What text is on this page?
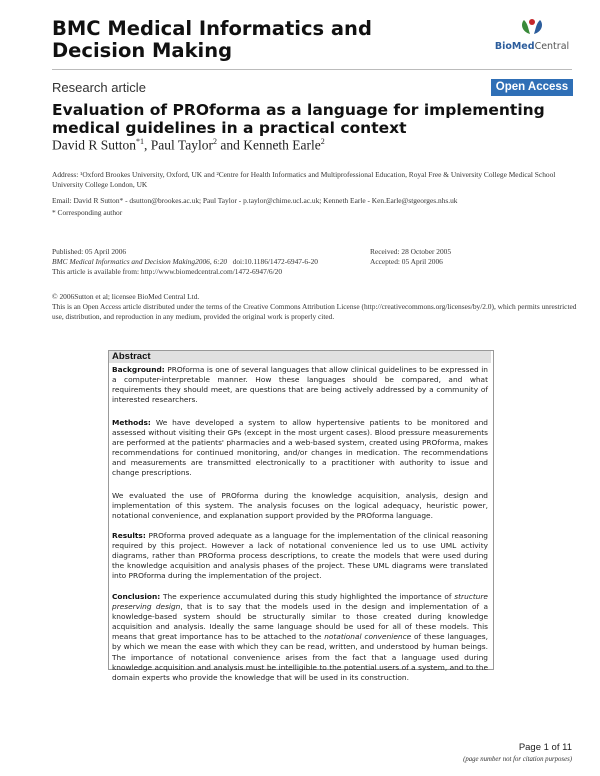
BMC Medical Informatics and Decision Making	BioMedCentral
Research article	Open Access
Evaluation of PROforma as a language for implementing medical guidelines in a practical context
David R Sutton$^{*1}$, Paul Taylor$^2$ and Kenneth Earle$^2$
Address: ¹Oxford Brookes University, Oxford, UK and ²Centre for Health Informatics and Multiprofessional Education, Royal Free & University College Medical School University College London, UK
Email: David R Sutton* - dsutton@brookes.ac.uk; Paul Taylor - p.taylor@chime.ucl.ac.uk; Kenneth Earle - Ken.Earle@stgeorges.nhs.uk
* Corresponding author
Published: 05 April 2006
BMC Medical Informatics and Decision Making2006, 6:20 doi:10.1186/1472-6947-6-20
This article is available from: http://www.biomedcentral.com/1472-6947/6/20
Received: 28 October 2005
Accepted: 05 April 2006
© 2006Sutton et al; licensee BioMed Central Ltd.
This is an Open Access article distributed under the terms of the Creative Commons Attribution License (http://creativecommons.org/licenses/by/2.0), which permits unrestricted use, distribution, and reproduction in any medium, provided the original work is properly cited.
Abstract
Background: PROforma is one of several languages that allow clinical guidelines to be expressed in a computer-interpretable manner. How these languages should be compared, and what requirements they should meet, are questions that are being actively addressed by a community of interested researchers.
Methods: We have developed a system to allow hypertensive patients to be monitored and assessed without visiting their GPs (except in the most urgent cases). Blood pressure measurements are performed at the patients' pharmacies and a web-based system, created using PROforma, makes recommendations for continued monitoring, and/or changes in medication. The recommendations and measurements are transmitted electronically to a practitioner with authority to issue and change prescriptions.
We evaluated the use of PROforma during the knowledge acquisition, analysis, design and implementation of this system. The analysis focuses on the logical adequacy, heuristic power, notational convenience, and explanation support provided by the PROforma language.
Results: PROforma proved adequate as a language for the implementation of the clinical reasoning required by this project. However a lack of notational convenience led us to use UML activity diagrams, rather than PROforma process descriptions, to create the models that were used during the knowledge acquisition and analysis phases of the project. These UML diagrams were translated into PROforma during the implementation of the project.
Conclusion: The experience accumulated during this study highlighted the importance of structure preserving design, that is to say that the models used in the design and implementation of a knowledge-based system should be structurally similar to those created during knowledge acquisition and analysis. Ideally the same language should be used for all of these models. This means that great importance has to be attached to the notational convenience of these languages, by which we mean the ease with which they can be read, written, and understood by human beings. The importance of notational convenience arises from the fact that a language used during knowledge acquisition and analysis must be intelligible to the potential users of a system, and to the domain experts who provide the knowledge that will be used in its construction.
Page 1 of 11
(page number not for citation purposes)
